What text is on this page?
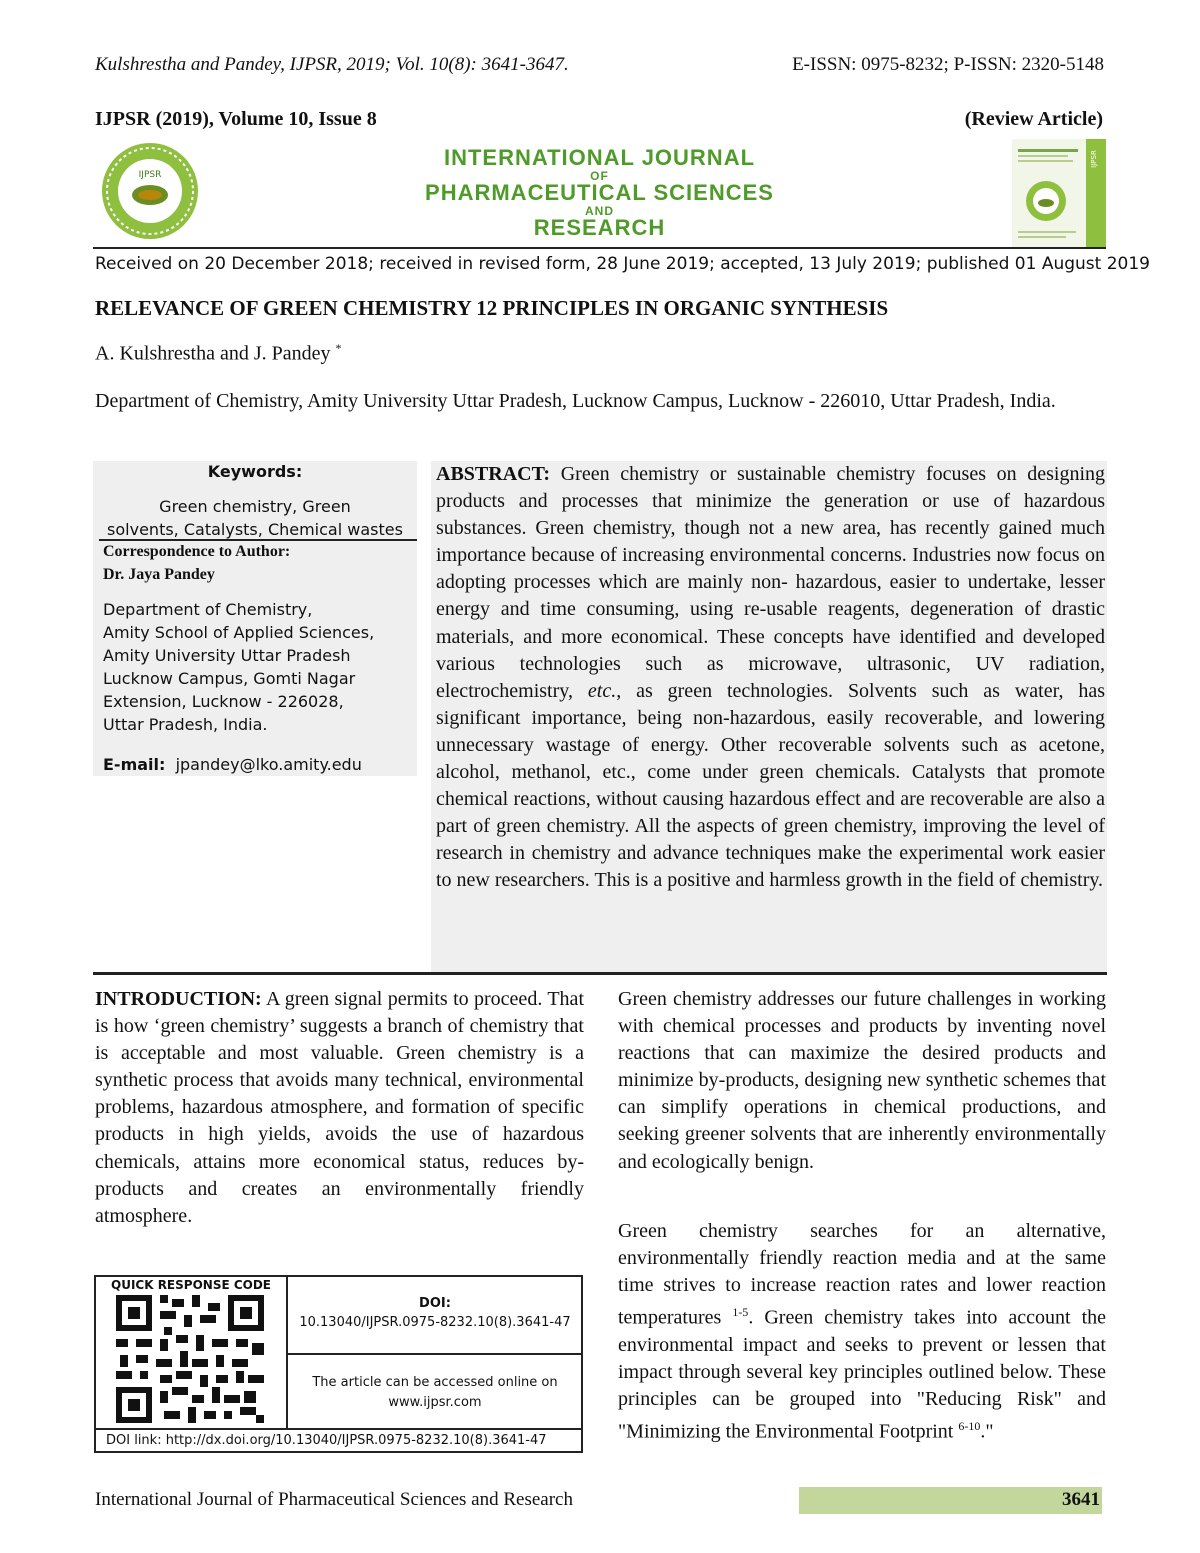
Kulshrestha and Pandey, IJPSR, 2019; Vol. 10(8): 3641-3647.	E-ISSN: 0975-8232; P-ISSN: 2320-5148
IJPSR (2019), Volume 10, Issue 8	(Review Article)
IJPSR
INTERNATIONAL JOURNAL
OF
PHARMACEUTICAL SCIENCES
AND
RESEARCH
IJPSR
Received on 20 December 2018; received in revised form, 28 June 2019; accepted, 13 July 2019; published 01 August 2019
RELEVANCE OF GREEN CHEMISTRY 12 PRINCIPLES IN ORGANIC SYNTHESIS
A. Kulshrestha and J. Pandey *
Department of Chemistry, Amity University Uttar Pradesh, Lucknow Campus, Lucknow - 226010, Uttar Pradesh, India.
Keywords:
Green chemistry, Green
solvents, Catalysts, Chemical wastes
Correspondence to Author:
Dr. Jaya Pandey
Department of Chemistry,
Amity School of Applied Sciences,
Amity University Uttar Pradesh
Lucknow Campus, Gomti Nagar
Extension, Lucknow - 226028,
Uttar Pradesh, India.
E-mail: jpandey@lko.amity.edu
ABSTRACT: Green chemistry or sustainable chemistry focuses on designing products and processes that minimize the generation or use of hazardous substances. Green chemistry, though not a new area, has recently gained much importance because of increasing environmental concerns. Industries now focus on adopting processes which are mainly non- hazardous, easier to undertake, lesser energy and time consuming, using re-usable reagents, degeneration of drastic materials, and more economical. These concepts have identified and developed various technologies such as microwave, ultrasonic, UV radiation, electrochemistry, etc., as green technologies. Solvents such as water, has significant importance, being non-hazardous, easily recoverable, and lowering unnecessary wastage of energy. Other recoverable solvents such as acetone, alcohol, methanol, etc., come under green chemicals. Catalysts that promote chemical reactions, without causing hazardous effect and are recoverable are also a part of green chemistry. All the aspects of green chemistry, improving the level of research in chemistry and advance techniques make the experimental work easier to new researchers. This is a positive and harmless growth in the field of chemistry.
INTRODUCTION: A green signal permits to proceed. That is how ‘green chemistry’ suggests a branch of chemistry that is acceptable and most valuable. Green chemistry is a synthetic process that avoids many technical, environmental problems, hazardous atmosphere, and formation of specific products in high yields, avoids the use of hazardous chemicals, attains more economical status, reduces by-products and creates an environmentally friendly atmosphere.
Green chemistry addresses our future challenges in working with chemical processes and products by inventing novel reactions that can maximize the desired products and minimize by-products, designing new synthetic schemes that can simplify operations in chemical productions, and seeking greener solvents that are inherently environmentally and ecologically benign.
Green chemistry searches for an alternative, environmentally friendly reaction media and at the same time strives to increase reaction rates and lower reaction temperatures $^{1-5}$. Green chemistry takes into account the environmental impact and seeks to prevent or lessen that impact through several key principles outlined below. These principles can be grouped into "Reducing Risk" and "Minimizing the Environmental Footprint $^{6-10}$."
QUICK RESPONSE CODE
DOI:
10.13040/IJPSR.0975-8232.10(8).3641-47
The article can be accessed online on www.ijpsr.com
DOI link: http://dx.doi.org/10.13040/IJPSR.0975-8232.10(8).3641-47
International Journal of Pharmaceutical Sciences and Research	3641
